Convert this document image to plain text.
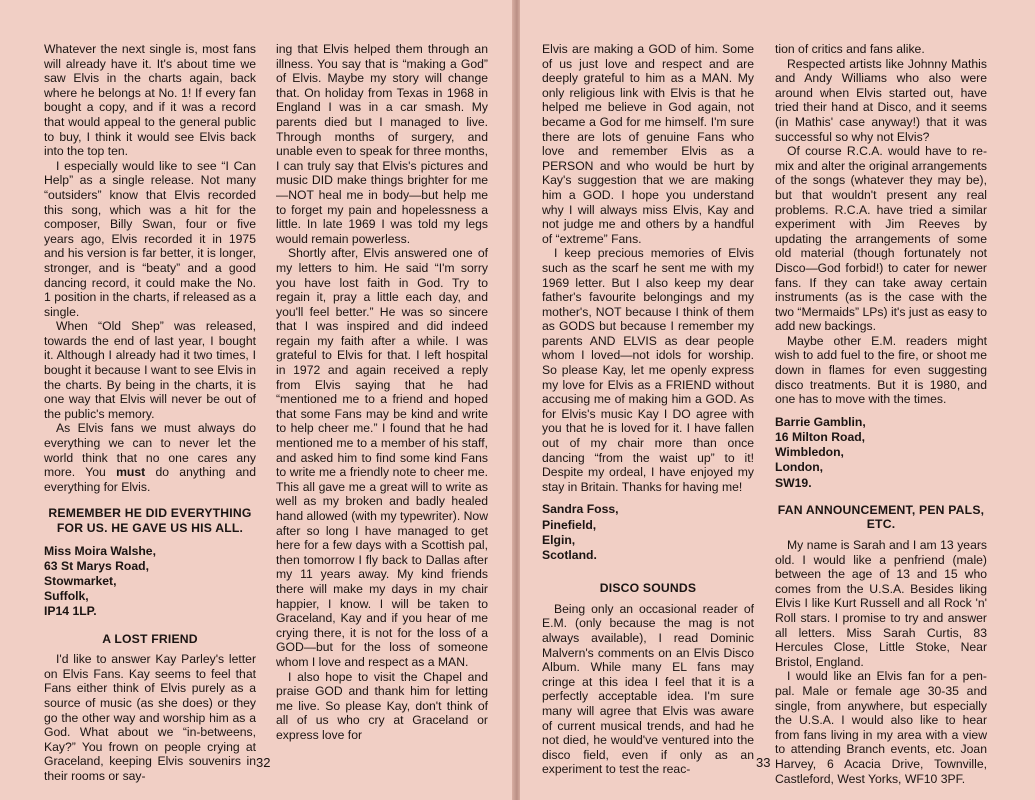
Whatever the next single is, most fans will already have it. It's about time we saw Elvis in the charts again, back where he belongs at No. 1! If every fan bought a copy, and if it was a record that would appeal to the general public to buy, I think it would see Elvis back into the top ten.

I especially would like to see “I Can Help” as a single release. Not many “outsiders” know that Elvis recorded this song, which was a hit for the composer, Billy Swan, four or five years ago, Elvis recorded it in 1975 and his version is far better, it is longer, stronger, and is “beaty” and a good dancing record, it could make the No. 1 position in the charts, if released as a single.

When “Old Shep” was released, towards the end of last year, I bought it. Although I already had it two times, I bought it because I want to see Elvis in the charts. By being in the charts, it is one way that Elvis will never be out of the public's memory.

As Elvis fans we must always do everything we can to never let the world think that no one cares any more. You must do anything and everything for Elvis.

REMEMBER HE DID EVERYTHING FOR US. HE GAVE US HIS ALL.

Miss Moira Walshe,
63 St Marys Road,
Stowmarket,
Suffolk,
IP14 1LP.

A LOST FRIEND

I'd like to answer Kay Parley's letter on Elvis Fans. Kay seems to feel that Fans either think of Elvis purely as a source of music (as she does) or they go the other way and worship him as a God. What about we “in-betweens, Kay?” You frown on people crying at Graceland, keeping Elvis souvenirs in their rooms or say-

ing that Elvis helped them through an illness. You say that is “making a God” of Elvis. Maybe my story will change that. On holiday from Texas in 1968 in England I was in a car smash. My parents died but I managed to live. Through months of surgery, and unable even to speak for three months, I can truly say that Elvis's pictures and music DID make things brighter for me—NOT heal me in body—but help me to forget my pain and hopelessness a little. In late 1969 I was told my legs would remain powerless.

Shortly after, Elvis answered one of my letters to him. He said “I'm sorry you have lost faith in God. Try to regain it, pray a little each day, and you'll feel better.” He was so sincere that I was inspired and did indeed regain my faith after a while. I was grateful to Elvis for that. I left hospital in 1972 and again received a reply from Elvis saying that he had “mentioned me to a friend and hoped that some Fans may be kind and write to help cheer me.” I found that he had mentioned me to a member of his staff, and asked him to find some kind Fans to write me a friendly note to cheer me. This all gave me a great will to write as well as my broken and badly healed hand allowed (with my typewriter). Now after so long I have managed to get here for a few days with a Scottish pal, then tomorrow I fly back to Dallas after my 11 years away. My kind friends there will make my days in my chair happier, I know. I will be taken to Graceland, Kay and if you hear of me crying there, it is not for the loss of a GOD—but for the loss of someone whom I love and respect as a MAN.

I also hope to visit the Chapel and praise GOD and thank him for letting me live. So please Kay, don't think of all of us who cry at Graceland or express love for

32

Elvis are making a GOD of him. Some of us just love and respect and are deeply grateful to him as a MAN. My only religious link with Elvis is that he helped me believe in God again, not became a God for me himself. I'm sure there are lots of genuine Fans who love and remember Elvis as a PERSON and who would be hurt by Kay's suggestion that we are making him a GOD. I hope you understand why I will always miss Elvis, Kay and not judge me and others by a handful of “extreme” Fans.

I keep precious memories of Elvis such as the scarf he sent me with my 1969 letter. But I also keep my dear father's favourite belongings and my mother's, NOT because I think of them as GODS but because I remember my parents AND ELVIS as dear people whom I loved—not idols for worship. So please Kay, let me openly express my love for Elvis as a FRIEND without accusing me of making him a GOD. As for Elvis's music Kay I DO agree with you that he is loved for it. I have fallen out of my chair more than once dancing “from the waist up” to it! Despite my ordeal, I have enjoyed my stay in Britain. Thanks for having me!

Sandra Foss,
Pinefield,
Elgin,
Scotland.

DISCO SOUNDS

Being only an occasional reader of E.M. (only because the mag is not always available), I read Dominic Malvern's comments on an Elvis Disco Album. While many EL fans may cringe at this idea I feel that it is a perfectly acceptable idea. I'm sure many will agree that Elvis was aware of current musical trends, and had he not died, he would've ventured into the disco field, even if only as an experiment to test the reac-

tion of critics and fans alike.

Respected artists like Johnny Mathis and Andy Williams who also were around when Elvis started out, have tried their hand at Disco, and it seems (in Mathis' case anyway!) that it was successful so why not Elvis?

Of course R.C.A. would have to re-mix and alter the original arrangements of the songs (whatever they may be), but that wouldn't present any real problems. R.C.A. have tried a similar experiment with Jim Reeves by updating the arrangements of some old material (though fortunately not Disco—God forbid!) to cater for newer fans. If they can take away certain instruments (as is the case with the two “Mermaids” LPs) it's just as easy to add new backings.

Maybe other E.M. readers might wish to add fuel to the fire, or shoot me down in flames for even suggesting disco treatments. But it is 1980, and one has to move with the times.

Barrie Gamblin,
16 Milton Road,
Wimbledon,
London,
SW19.

FAN ANNOUNCEMENT, PEN PALS, ETC.

My name is Sarah and I am 13 years old. I would like a penfriend (male) between the age of 13 and 15 who comes from the U.S.A. Besides liking Elvis I like Kurt Russell and all Rock 'n' Roll stars. I promise to try and answer all letters. Miss Sarah Curtis, 83 Hercules Close, Little Stoke, Near Bristol, England.

I would like an Elvis fan for a pen-pal. Male or female age 30-35 and single, from anywhere, but especially the U.S.A. I would also like to hear from fans living in my area with a view to attending Branch events, etc. Joan Harvey, 6 Acacia Drive, Townville, Castleford, West Yorks, WF10 3PF.

33
